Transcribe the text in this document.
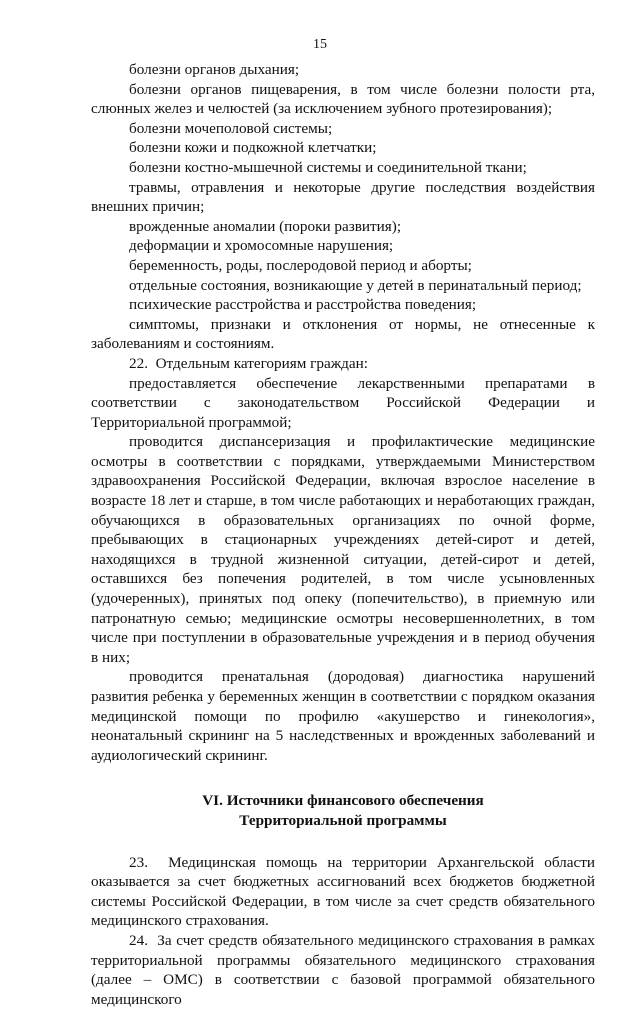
15

болезни органов дыхания;

болезни органов пищеварения, в том числе болезни полости рта, слюнных желез и челюстей (за исключением зубного протезирования);

болезни мочеполовой системы;

болезни кожи и подкожной клетчатки;

болезни костно-мышечной системы и соединительной ткани;

травмы, отравления и некоторые другие последствия воздействия внешних причин;

врожденные аномалии (пороки развития);

деформации и хромосомные нарушения;

беременность, роды, послеродовой период и аборты;

отдельные состояния, возникающие у детей в перинатальный период;

психические расстройства и расстройства поведения;

симптомы, признаки и отклонения от нормы, не отнесенные к заболеваниям и состояниям.

22.  Отдельным категориям граждан:

предоставляется обеспечение лекарственными препаратами в соответствии с законодательством Российской Федерации и Территориальной программой;

проводится диспансеризация и профилактические медицинские осмотры в соответствии с порядками, утверждаемыми Министерством здравоохранения Российской Федерации, включая взрослое население в возрасте 18 лет и старше, в том числе работающих и неработающих граждан, обучающихся в образовательных организациях по очной форме, пребывающих в стационарных учреждениях детей-сирот и детей, находящихся в трудной жизненной ситуации, детей-сирот и детей, оставшихся без попечения родителей, в том числе усыновленных (удочеренных), принятых под опеку (попечительство), в приемную или патронатную семью; медицинские осмотры несовершеннолетних, в том числе при поступлении в образовательные учреждения и в период обучения в них;

проводится пренатальная (дородовая) диагностика нарушений развития ребенка у беременных женщин в соответствии с порядком оказания медицинской помощи по профилю «акушерство и гинекология», неонатальный скрининг на 5 наследственных и врожденных заболеваний и аудиологический скрининг.

VI. Источники финансового обеспечения
Территориальной программы

23.  Медицинская помощь на территории Архангельской области оказывается за счет бюджетных ассигнований всех бюджетов бюджетной системы Российской Федерации, в том числе за счет средств обязательного медицинского страхования.

24.  За счет средств обязательного медицинского страхования в рамках территориальной программы обязательного медицинского страхования (далее – ОМС) в соответствии с базовой программой обязательного медицинского
